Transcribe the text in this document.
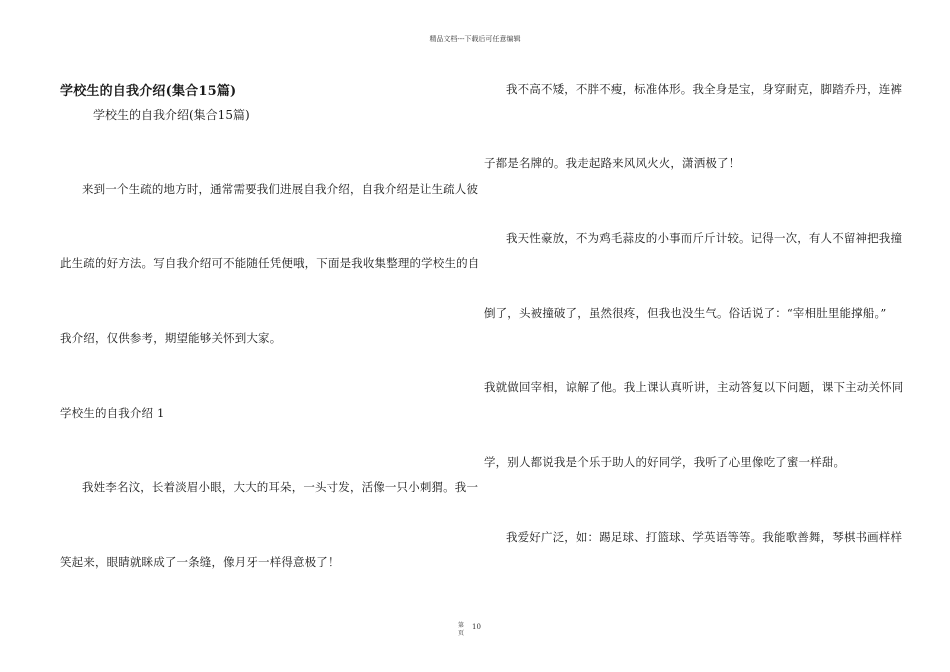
精品文档---下载后可任意编辑
学校生的自我介绍(集合15篇)
学校生的自我介绍(集合15篇)
来到一个生疏的地方时，通常需要我们进展自我介绍，自我介绍是让生疏人彼
此生疏的好方法。写自我介绍可不能随任凭便哦，下面是我收集整理的学校生的自
我介绍，仅供参考，期望能够关怀到大家。
学校生的自我介绍 1
我姓李名汶，长着淡眉小眼，大大的耳朵，一头寸发，活像一只小刺猬。我一
笑起来，眼睛就眯成了一条缝，像月牙一样得意极了！
我不高不矮，不胖不瘦，标准体形。我全身是宝，身穿耐克，脚踏乔丹，连裤
子都是名牌的。我走起路来风风火火，潇洒极了！
我天性豪放，不为鸡毛蒜皮的小事而斤斤计较。记得一次，有人不留神把我撞
倒了，头被撞破了，虽然很疼，但我也没生气。俗话说了：“宰相肚里能撑船。”
我就做回宰相，谅解了他。我上课认真听讲，主动答复以下问题，课下主动关怀同
学，别人都说我是个乐于助人的好同学，我听了心里像吃了蜜一样甜。
我爱好广泛，如：踢足球、打篮球、学英语等等。我能歌善舞，琴棋书画样样
第
页
10
